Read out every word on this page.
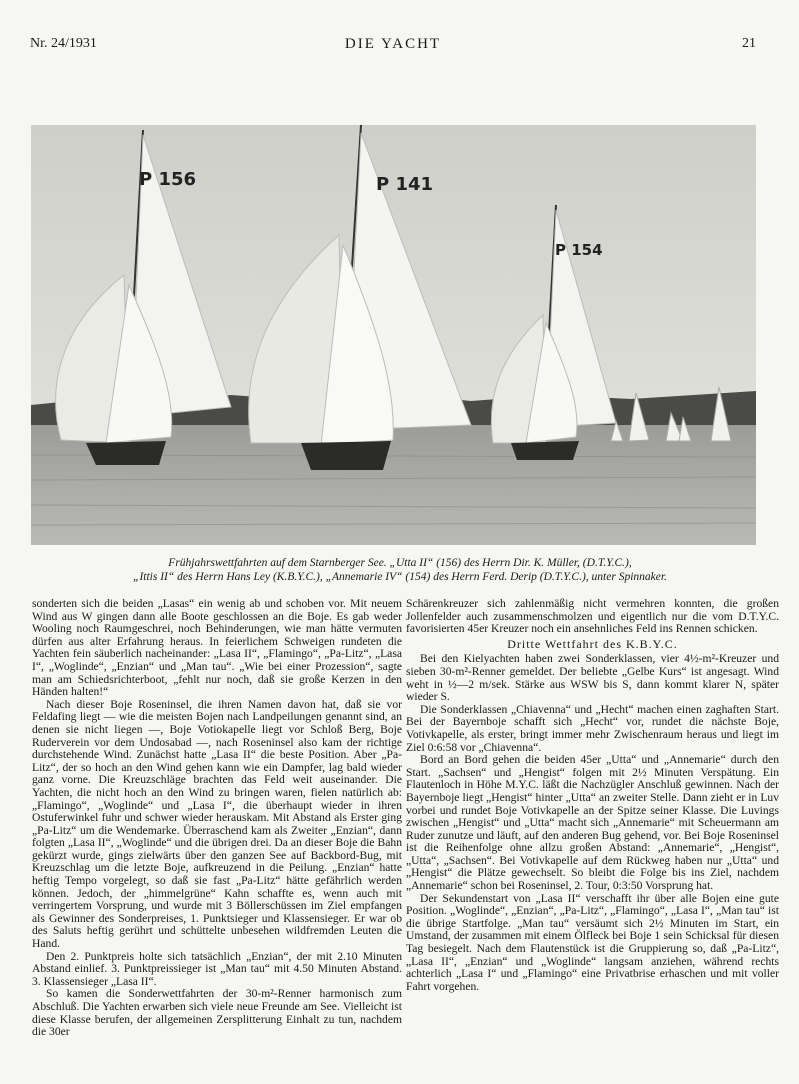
Nr. 24/1931	DIE YACHT	21
P 156	P 141
P 154

Frühjahrswettfahrten auf dem Starnberger See. „Utta II“ (156) des Herrn Dir. K. Müller, (D.T.Y.C.),

„Ittis II“ des Herrn Hans Ley (K.B.Y.C.), „Annemarie IV“ (154) des Herrn Ferd. Derip (D.T.Y.C.), unter Spinnaker.

sonderten sich die beiden „Lasas“ ein wenig ab und schoben vor. Mit neuem Wind aus W gingen dann alle Boote geschlossen an die Boje. Es gab weder Wooling noch Raumgeschrei, noch Behinderungen, wie man hätte vermuten dürfen aus alter Erfahrung heraus. In feierlichem Schweigen rundeten die Yachten fein säuberlich nacheinander: „Lasa II“, „Flamingo“, „Pa-Litz“, „Lasa I“, „Woglinde“, „Enzian“ und „Man tau“. „Wie bei einer Prozession“, sagte man am Schiedsrichterboot, „fehlt nur noch, daß sie große Kerzen in den Händen halten!“

Nach dieser Boje Roseninsel, die ihren Namen davon hat, daß sie vor Feldafing liegt — wie die meisten Bojen nach Landpeilungen genannt sind, an denen sie nicht liegen —, Boje Votiokapelle liegt vor Schloß Berg, Boje Ruderverein vor dem Undosabad —, nach Roseninsel also kam der richtige durchstehende Wind. Zunächst hatte „Lasa II“ die beste Position. Aber „Pa-Litz“, der so hoch an den Wind gehen kann wie ein Dampfer, lag bald wieder ganz vorne. Die Kreuzschläge brachten das Feld weit auseinander. Die Yachten, die nicht hoch an den Wind zu bringen waren, fielen natürlich ab: „Flamingo“, „Woglinde“ und „Lasa I“, die überhaupt wieder in ihren Ostuferwinkel fuhr und schwer wieder herauskam. Mit Abstand als Erster ging „Pa-Litz“ um die Wendemarke. Überraschend kam als Zweiter „Enzian“, dann folgten „Lasa II“, „Woglinde“ und die übrigen drei. Da an dieser Boje die Bahn gekürzt wurde, gings zielwärts über den ganzen See auf Backbord-Bug, mit Kreuzschlag um die letzte Boje, aufkreuzend in die Peilung. „Enzian“ hatte heftig Tempo vorgelegt, so daß sie fast „Pa-Litz“ hätte gefährlich werden können. Jedoch, der „himmelgrüne“ Kahn schaffte es, wenn auch mit verringertem Vorsprung, und wurde mit 3 Böllerschüssen im Ziel empfangen als Gewinner des Sonderpreises, 1. Punktsieger und Klassensieger. Er war ob des Saluts heftig gerührt und schüttelte unbesehen wildfremden Leuten die Hand.

Den 2. Punktpreis holte sich tatsächlich „Enzian“, der mit 2.10 Minuten Abstand einlief. 3. Punktpreissieger ist „Man tau“ mit 4.50 Minuten Abstand. 3. Klassensieger „Lasa II“.

So kamen die Sonderwettfahrten der 30-m²-Renner harmonisch zum Abschluß. Die Yachten erwarben sich viele neue Freunde am See. Vielleicht ist diese Klasse berufen, der allgemeinen Zersplitterung Einhalt zu tun, nachdem die 30er

Schärenkreuzer sich zahlenmäßig nicht vermehren konnten, die großen Jollenfelder auch zusammenschmolzen und eigentlich nur die vom D.T.Y.C. favorisierten 45er Kreuzer noch ein ansehnliches Feld ins Rennen schicken.

Dritte Wettfahrt des K.B.Y.C.

Bei den Kielyachten haben zwei Sonderklassen, vier 4½-m²-Kreuzer und sieben 30-m²-Renner gemeldet. Der beliebte „Gelbe Kurs“ ist angesagt. Wind weht in ½—2 m/sek. Stärke aus WSW bis S, dann kommt klarer N, später wieder S.

Die Sonderklassen „Chiavenna“ und „Hecht“ machen einen zaghaften Start. Bei der Bayernboje schafft sich „Hecht“ vor, rundet die nächste Boje, Votivkapelle, als erster, bringt immer mehr Zwischenraum heraus und liegt im Ziel 0:6:58 vor „Chiavenna“.

Bord an Bord gehen die beiden 45er „Utta“ und „Annemarie“ durch den Start. „Sachsen“ und „Hengist“ folgen mit 2½ Minuten Verspätung. Ein Flautenloch in Höhe M.Y.C. läßt die Nachzügler Anschluß gewinnen. Nach der Bayernboje liegt „Hengist“ hinter „Utta“ an zweiter Stelle. Dann zieht er in Luv vorbei und rundet Boje Votivkapelle an der Spitze seiner Klasse. Die Luvings zwischen „Hengist“ und „Utta“ macht sich „Annemarie“ mit Scheuermann am Ruder zunutze und läuft, auf den anderen Bug gehend, vor. Bei Boje Roseninsel ist die Reihenfolge ohne allzu großen Abstand: „Annemarie“, „Hengist“, „Utta“, „Sachsen“. Bei Votivkapelle auf dem Rückweg haben nur „Utta“ und „Hengist“ die Plätze gewechselt. So bleibt die Folge bis ins Ziel, nachdem „Annemarie“ schon bei Roseninsel, 2. Tour, 0:3:50 Vorsprung hat.

Der Sekundenstart von „Lasa II“ verschafft ihr über alle Bojen eine gute Position. „Woglinde“, „Enzian“, „Pa-Litz“, „Flamingo“, „Lasa I“, „Man tau“ ist die übrige Startfolge. „Man tau“ versäumt sich 2½ Minuten im Start, ein Umstand, der zusammen mit einem Ölfleck bei Boje 1 sein Schicksal für diesen Tag besiegelt. Nach dem Flautenstück ist die Gruppierung so, daß „Pa-Litz“, „Lasa II“, „Enzian“ und „Woglinde“ langsam anziehen, während rechts achterlich „Lasa I“ und „Flamingo“ eine Privatbrise erhaschen und mit voller Fahrt vorgehen.
